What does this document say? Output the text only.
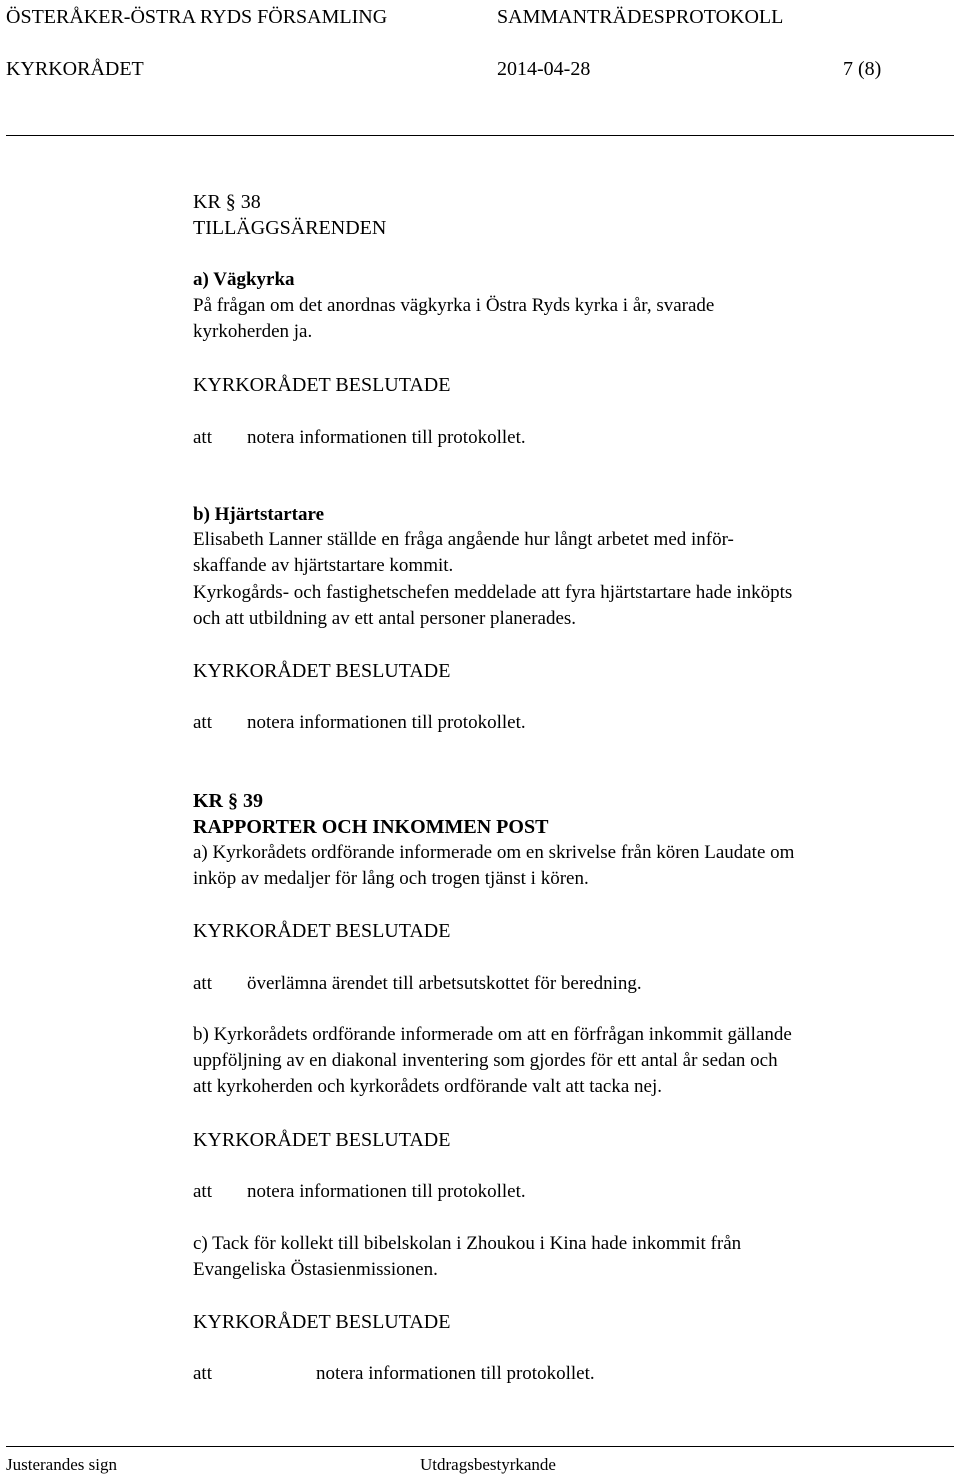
ÖSTERÅKER-ÖSTRA RYDS FÖRSAMLING	SAMMANTRÄDESPROTOKOLL
KYRKORÅDET	2014-04-28	7 (8)
KR § 38
TILLÄGGSÄRENDEN
a) Vägkyrka
På frågan om det anordnas vägkyrka i Östra Ryds kyrka i år, svarade
kyrkoherden ja.
KYRKORÅDET BESLUTADE
att notera informationen till protokollet.
b) Hjärtstartare
Elisabeth Lanner ställde en fråga angående hur långt arbetet med inför-
skaffande av hjärtstartare kommit.
Kyrkogårds- och fastighetschefen meddelade att fyra hjärtstartare hade inköpts
och att utbildning av ett antal personer planerades.
KYRKORÅDET BESLUTADE
att notera informationen till protokollet.
KR § 39
RAPPORTER OCH INKOMMEN POST
a) Kyrkorådets ordförande informerade om en skrivelse från kören Laudate om
inköp av medaljer för lång och trogen tjänst i kören.
KYRKORÅDET BESLUTADE
att överlämna ärendet till arbetsutskottet för beredning.
b) Kyrkorådets ordförande informerade om att en förfrågan inkommit gällande
uppföljning av en diakonal inventering som gjordes för ett antal år sedan och
att kyrkoherden och kyrkorådets ordförande valt att tacka nej.
KYRKORÅDET BESLUTADE
att notera informationen till protokollet.
c) Tack för kollekt till bibelskolan i Zhoukou i Kina hade inkommit från
Evangeliska Östasienmissionen.
KYRKORÅDET BESLUTADE
att	notera informationen till protokollet.
Justerandes sign	Utdragsbestyrkande
